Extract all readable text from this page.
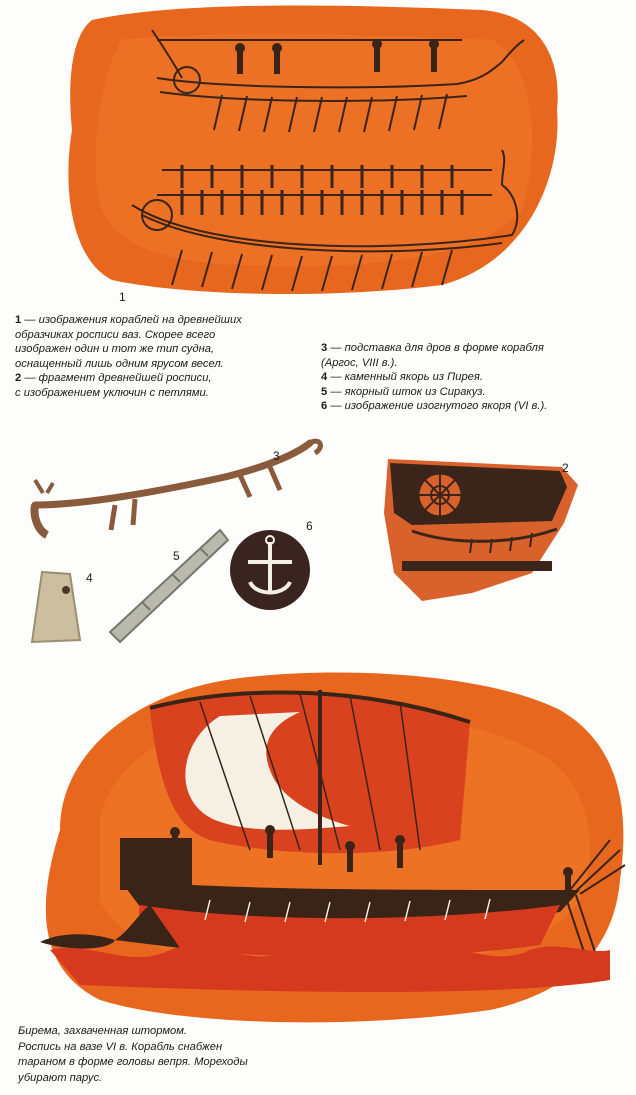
1
1 — изображения кораблей на древнейших
образчиках росписи ваз. Скорее всего
изображен один и тот же тип судна,
оснащенный лишь одним ярусом весел.
2 — фрагмент древнейшей росписи,
с изображением уключин с петлями.
3 — подставка для дров в форме корабля
(Аргос, VIII в.).
4 — каменный якорь из Пирея.
5 — якорный шток из Сиракуз.
6 — изображение изогнутого якоря (VI в.).
3
2
4
5
6
Бирема, захваченная штормом.
Роспись на вазе VI в. Корабль снабжен
тараном в форме головы вепря. Мореходы
убирают парус.
